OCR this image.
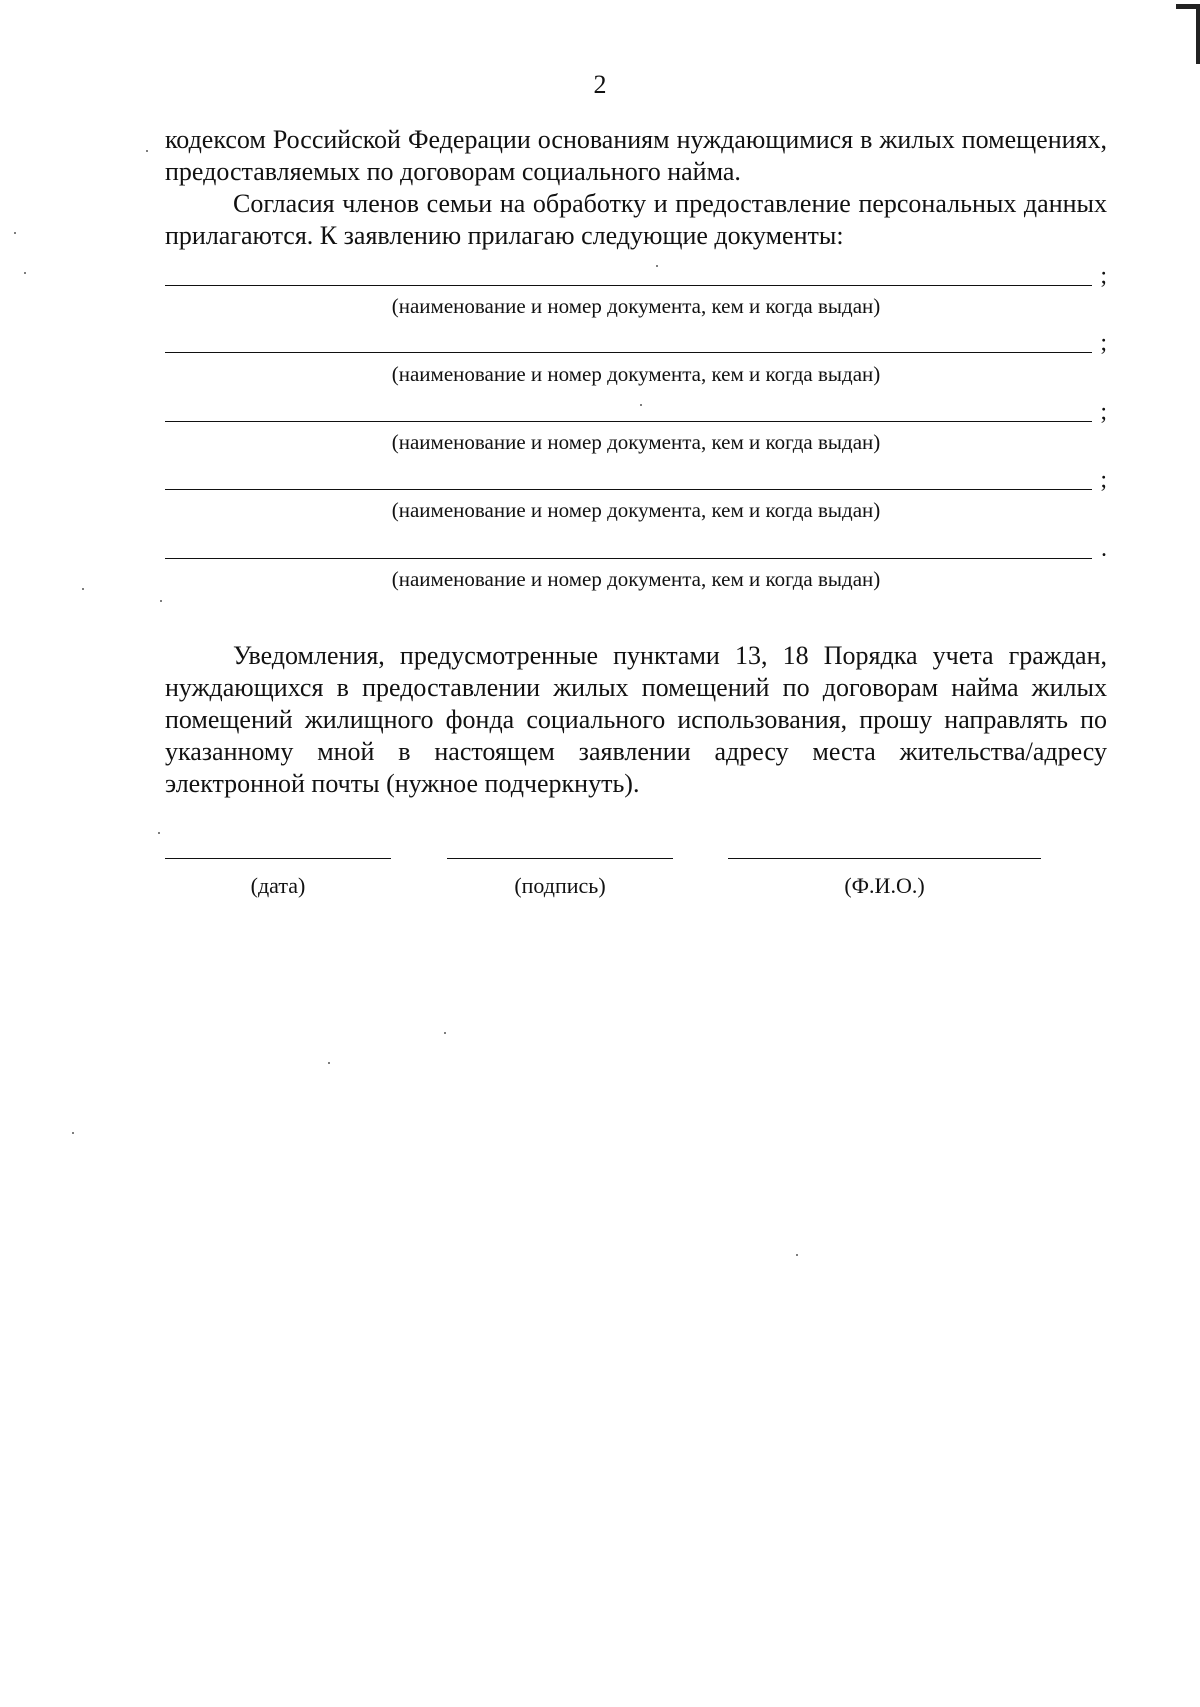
2

кодексом Российской Федерации основаниям нуждающимися в жилых помещениях, предоставляемых по договорам социального найма.

Согласия членов семьи на обработку и предоставление персональных данных прилагаются. К заявлению прилагаю следующие документы:

;
(наименование и номер документа, кем и когда выдан)
;
(наименование и номер документа, кем и когда выдан)
;
(наименование и номер документа, кем и когда выдан)
;
(наименование и номер документа, кем и когда выдан)
.
(наименование и номер документа, кем и когда выдан)

Уведомления, предусмотренные пунктами 13, 18 Порядка учета граждан, нуждающихся в предоставлении жилых помещений по договорам найма жилых помещений жилищного фонда социального использования, прошу направлять по указанному мной в настоящем заявлении адресу места жительства/адресу электронной почты (нужное подчеркнуть).

(дата)	(подпись)	(Ф.И.О.)
